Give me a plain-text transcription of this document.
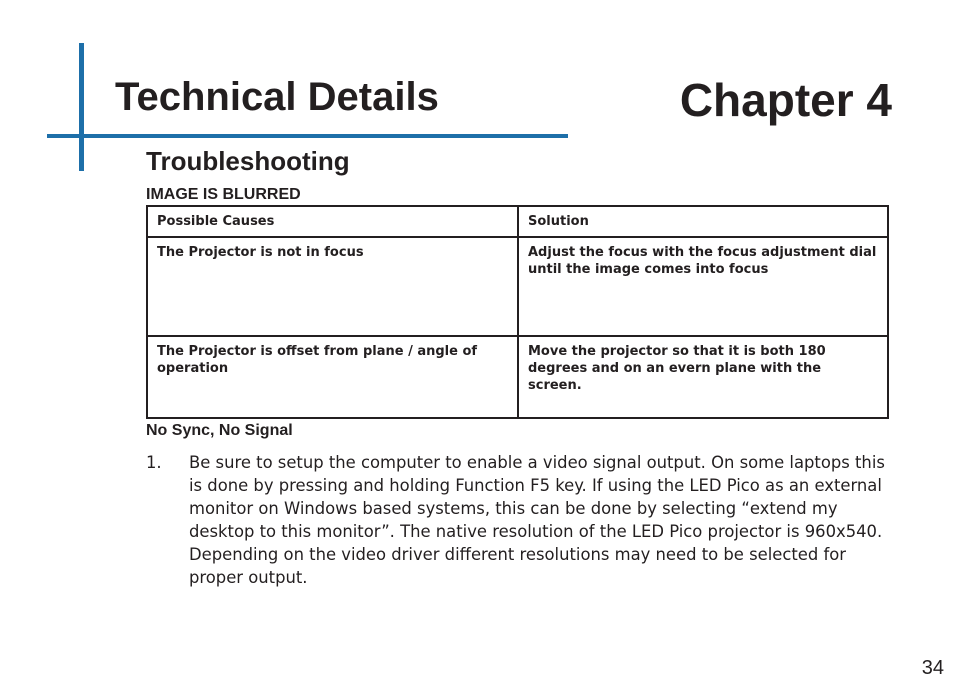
Technical Details	Chapter 4
Troubleshooting
IMAGE IS BLURRED
Possible Causes	Solution
The Projector is not in focus	Adjust the focus with the focus adjustment dial until the image comes into focus
The Projector is offset from plane / angle of operation	Move the projector so that it is both 180 degrees and on an evern plane with the screen.
No Sync, No Signal
1. Be sure to setup the computer to enable a video signal output. On some laptops this is done by pressing and holding Function F5 key. If using the LED Pico as an external monitor on Windows based systems, this can be done by selecting “extend my desktop to this monitor”. The native resolution of the LED Pico projector is 960x540. Depending on the video driver different resolutions may need to be selected for proper output.
34
